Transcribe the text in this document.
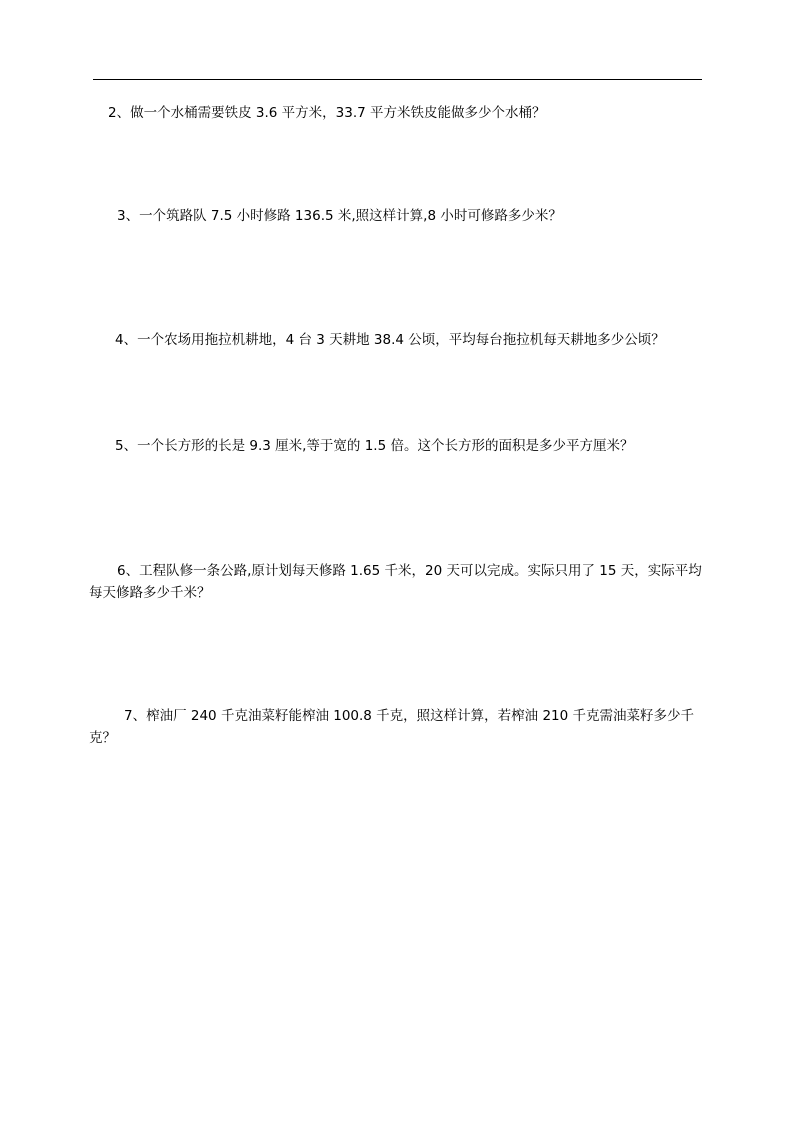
2、做一个水桶需要铁皮 3.6 平方米，33.7 平方米铁皮能做多少个水桶？

3、一个筑路队 7.5 小时修路 136.5 米,照这样计算,8 小时可修路多少米？

4、一个农场用拖拉机耕地，4 台 3 天耕地 38.4 公顷，平均每台拖拉机每天耕地多少公顷？

5、一个长方形的长是 9.3 厘米,等于宽的 1.5 倍。这个长方形的面积是多少平方厘米？

6、工程队修一条公路,原计划每天修路 1.65 千米，20 天可以完成。实际只用了 15 天，实际平均每天修路多少千米？

7、榨油厂 240 千克油菜籽能榨油 100.8 千克，照这样计算，若榨油 210 千克需油菜籽多少千克？
